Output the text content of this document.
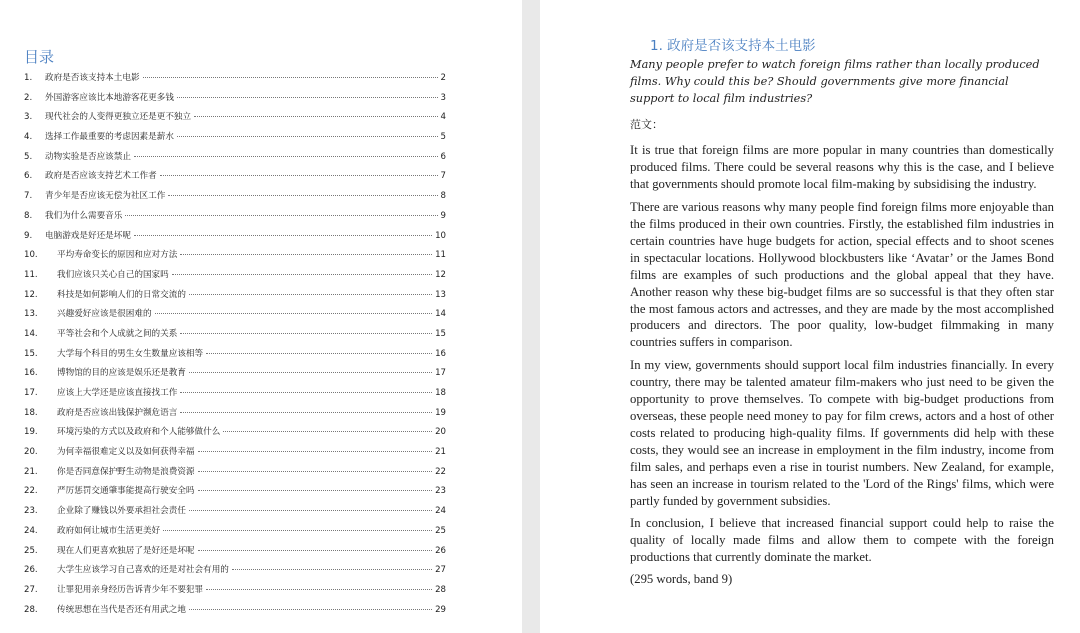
目录
1.	政府是否该支持本土电影	2
2.	外国游客应该比本地游客花更多钱	3
3.	现代社会的人变得更独立还是更不独立	4
4.	选择工作最重要的考虑因素是薪水	5
5.	动物实验是否应该禁止	6
6.	政府是否应该支持艺术工作者	7
7.	青少年是否应该无偿为社区工作	8
8.	我们为什么需要音乐	9
9.	电脑游戏是好还是坏呢	10
10.	平均寿命变长的原因和应对方法	11
11.	我们应该只关心自己的国家吗	12
12.	科技是如何影响人们的日常交流的	13
13.	兴趣爱好应该是很困难的	14
14.	平等社会和个人成就之间的关系	15
15.	大学每个科目的男生女生数量应该相等	16
16.	博物馆的目的应该是娱乐还是教育	17
17.	应该上大学还是应该直接找工作	18
18.	政府是否应该出钱保护濒危语言	19
19.	环境污染的方式以及政府和个人能够做什么	20
20.	为何幸福很难定义以及如何获得幸福	21
21.	你是否同意保护野生动物是浪费资源	22
22.	严厉惩罚交通肇事能提高行驶安全吗	23
23.	企业除了赚钱以外要承担社会责任	24
24.	政府如何让城市生活更美好	25
25.	现在人们更喜欢独居了是好还是坏呢	26
26.	大学生应该学习自己喜欢的还是对社会有用的	27
27.	让罪犯用亲身经历告诉青少年不要犯罪	28
28.	传统思想在当代是否还有用武之地	29
1. 政府是否该支持本土电影

Many people prefer to watch foreign films rather than locally produced films. Why could this be? Should governments give more financial support to local film industries?

范文：

It is true that foreign films are more popular in many countries than domestically produced films. There could be several reasons why this is the case, and I believe that governments should promote local film-making by subsidising the industry.

There are various reasons why many people find foreign films more enjoyable than the films produced in their own countries. Firstly, the established film industries in certain countries have huge budgets for action, special effects and to shoot scenes in spectacular locations. Hollywood blockbusters like ‘Avatar’ or the James Bond films are examples of such productions and the global appeal that they have. Another reason why these big-budget films are so successful is that they often star the most famous actors and actresses, and they are made by the most accomplished producers and directors. The poor quality, low-budget filmmaking in many countries suffers in comparison.

In my view, governments should support local film industries financially. In every country, there may be talented amateur film-makers who just need to be given the opportunity to prove themselves. To compete with big-budget productions from overseas, these people need money to pay for film crews, actors and a host of other costs related to producing high-quality films. If governments did help with these costs, they would see an increase in employment in the film industry, income from film sales, and perhaps even a rise in tourist numbers. New Zealand, for example, has seen an increase in tourism related to the 'Lord of the Rings' films, which were partly funded by government subsidies.

In conclusion, I believe that increased financial support could help to raise the quality of locally made films and allow them to compete with the foreign productions that currently dominate the market.

(295 words, band 9)
